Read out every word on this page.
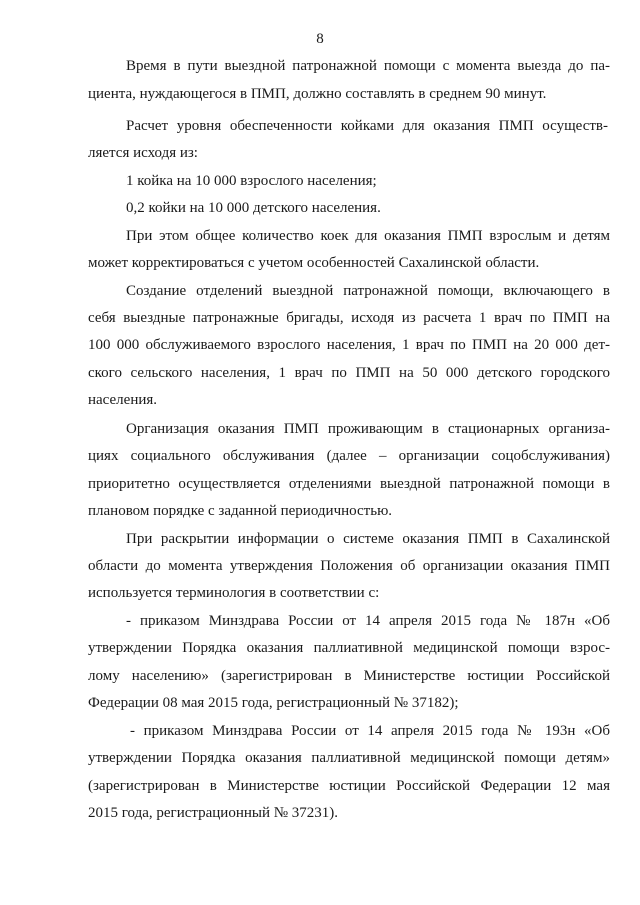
8
Время в пути выездной патронажной помощи с момента выезда до па-
циента, нуждающегося в ПМП, должно составлять в среднем 90 минут.
Расчет уровня обеспеченности койками для оказания ПМП осуществ-
ляется исходя из:
1 койка на 10 000 взрослого населения;
0,2 койки на 10 000 детского населения.
При этом общее количество коек для оказания ПМП взрослым и детям
может корректироваться с учетом особенностей Сахалинской области.
Создание отделений выездной патронажной помощи, включающего в
себя выездные патронажные бригады, исходя из расчета 1 врач по ПМП на
100 000 обслуживаемого взрослого населения, 1 врач по ПМП на 20 000 дет-
ского сельского населения, 1 врач по ПМП на 50 000 детского городского
населения.
Организация оказания ПМП проживающим в стационарных организа-
циях социального обслуживания (далее – организации соцобслуживания)
приоритетно осуществляется отделениями выездной патронажной помощи в
плановом порядке с заданной периодичностью.
При раскрытии информации о системе оказания ПМП в Сахалинской
области до момента утверждения Положения об организации оказания ПМП
используется терминология в соответствии с:
- приказом Минздрава России от 14 апреля 2015 года № 187н «Об
утверждении Порядка оказания паллиативной медицинской помощи взрос-
лому населению» (зарегистрирован в Министерстве юстиции Российской
Федерации 08 мая 2015 года, регистрационный № 37182);
- приказом Минздрава России от 14 апреля 2015 года № 193н «Об
утверждении Порядка оказания паллиативной медицинской помощи детям»
(зарегистрирован в Министерстве юстиции Российской Федерации 12 мая
2015 года, регистрационный № 37231).
